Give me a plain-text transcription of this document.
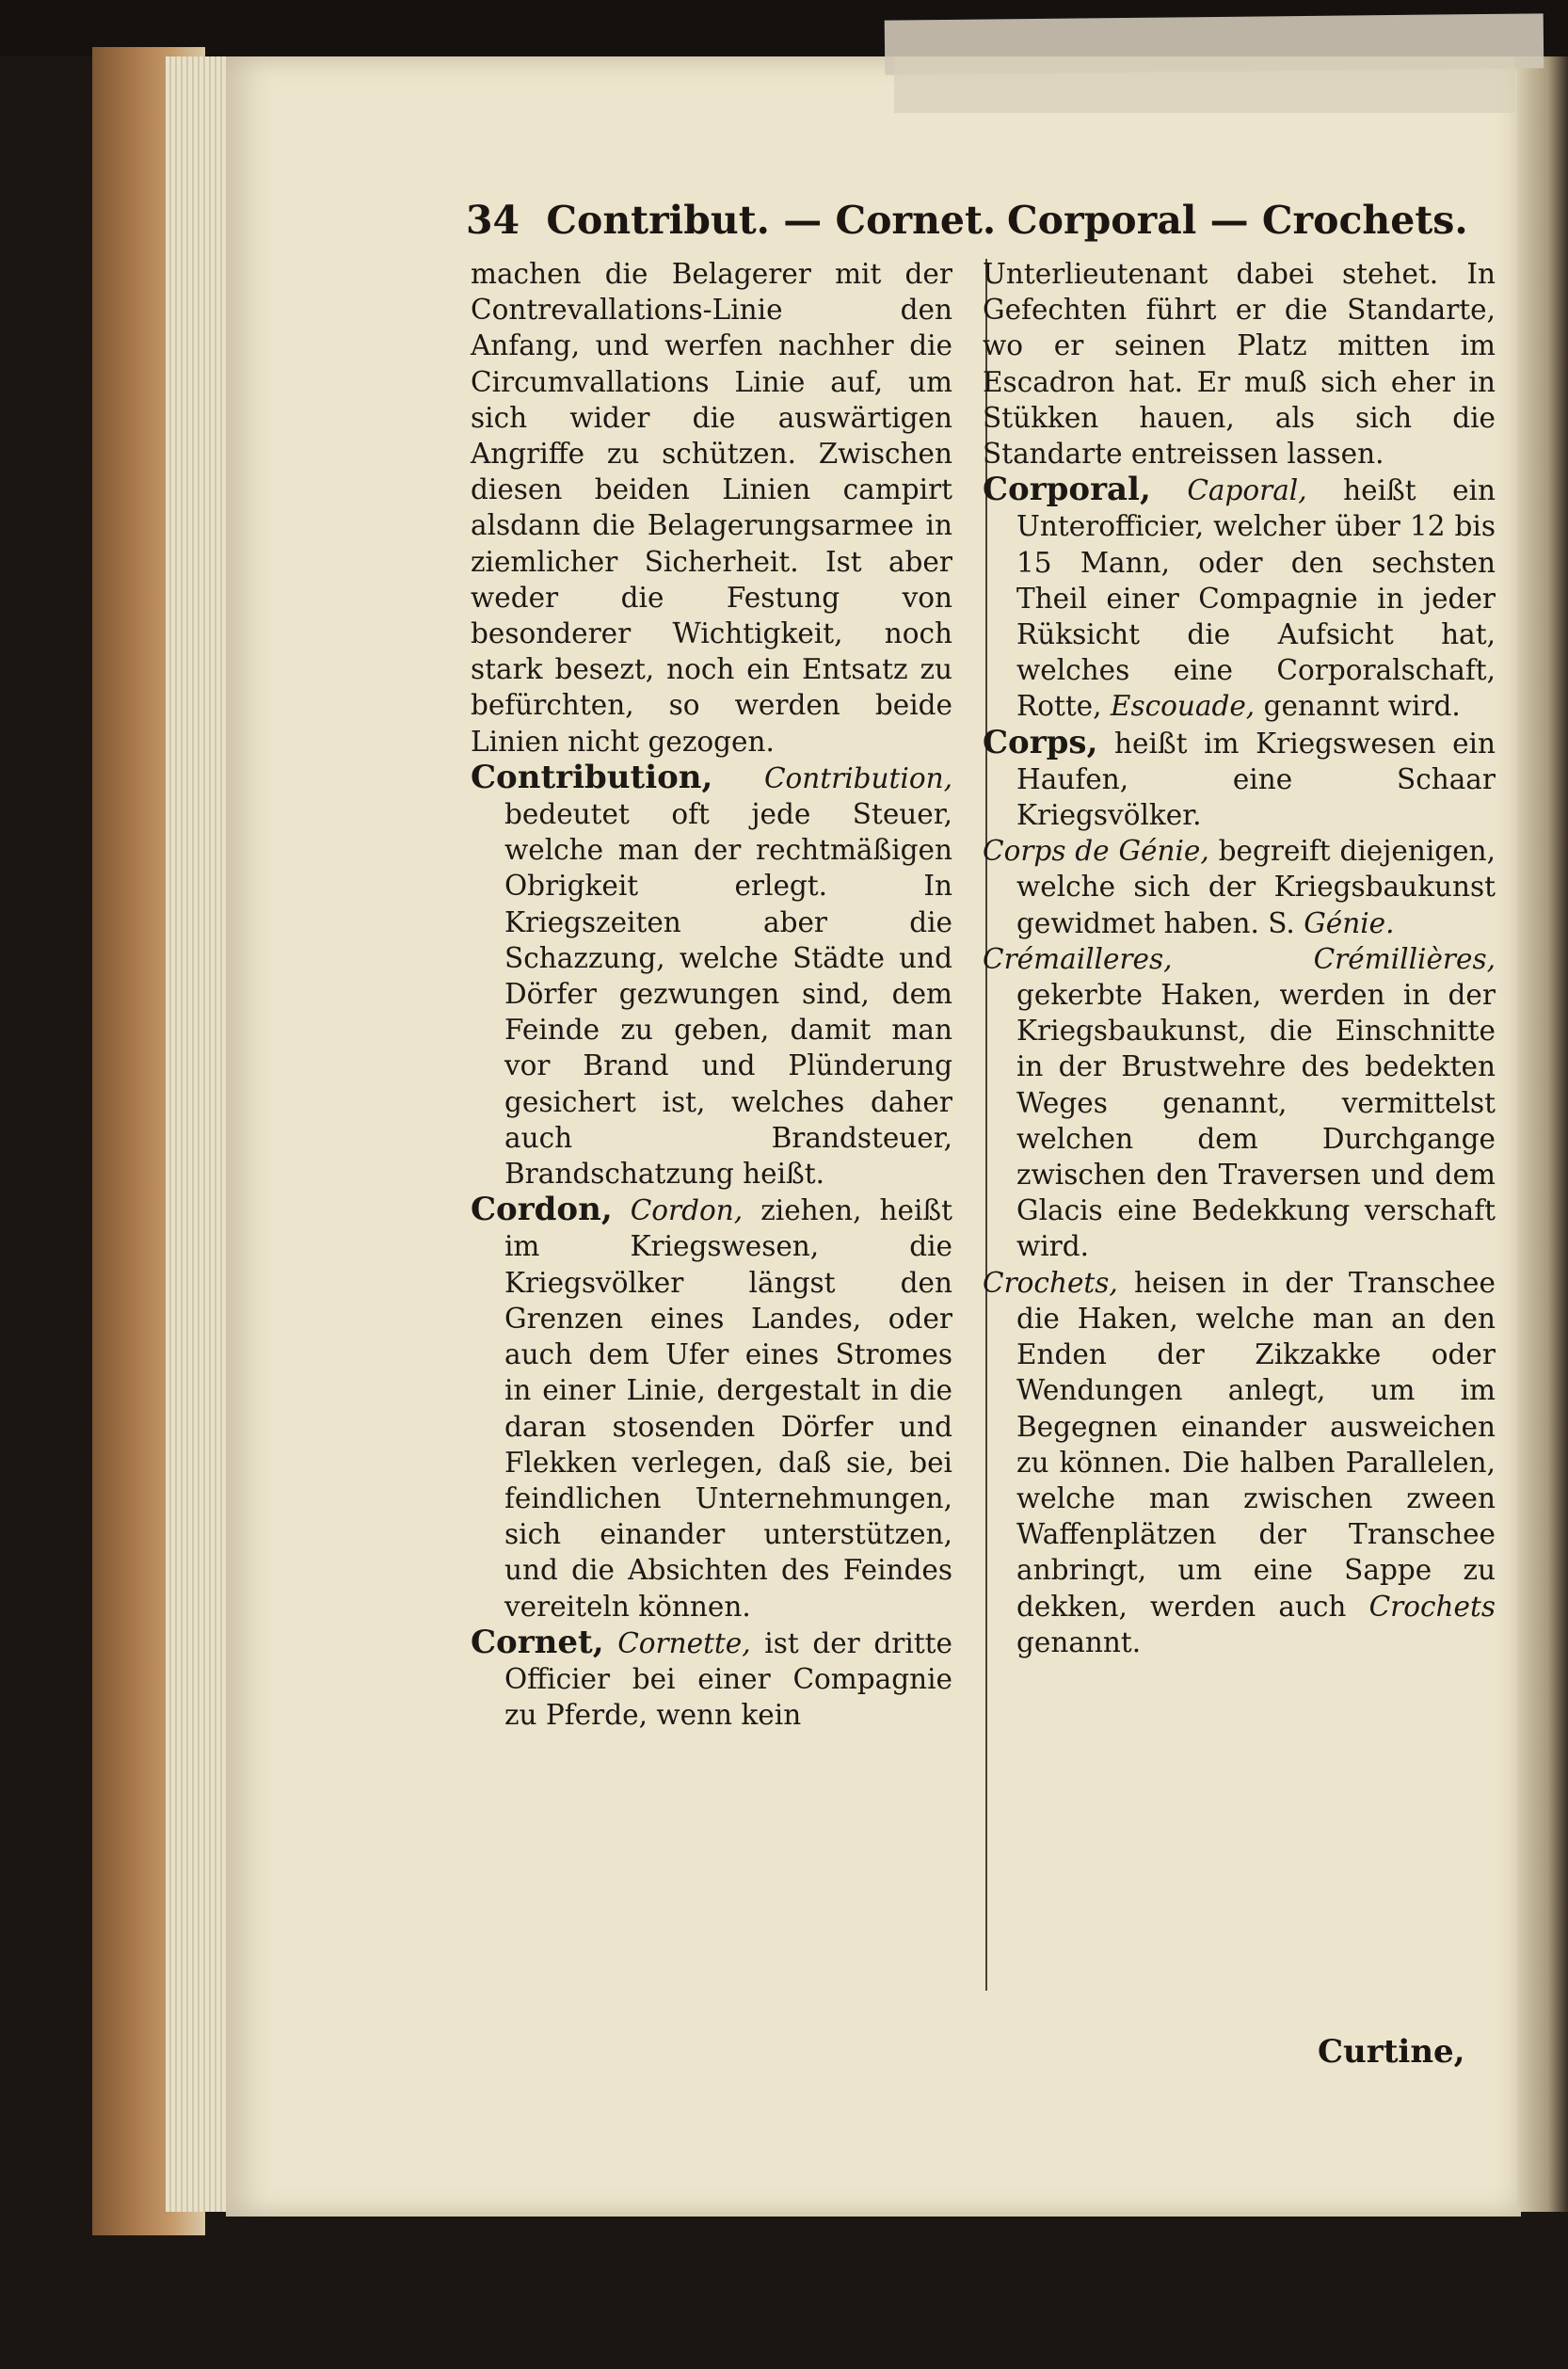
34 Contribut. — Cornet. Corporal — Crochets.

machen die Belagerer mit der Contrevallations-Linie den Anfang, und werfen nachher die Circumvallations Linie auf, um sich wider die auswärtigen Angriffe zu schützen. Zwischen diesen beiden Linien campirt alsdann die Belagerungsarmee in ziemlicher Sicherheit. Ist aber weder die Festung von besonderer Wichtigkeit, noch stark besezt, noch ein Entsatz zu befürchten, so werden beide Linien nicht gezogen.

Contribution, Contribution, bedeutet oft jede Steuer, welche man der rechtmäßigen Obrigkeit erlegt. In Kriegszeiten aber die Schazzung, welche Städte und Dörfer gezwungen sind, dem Feinde zu geben, damit man vor Brand und Plünderung gesichert ist, welches daher auch Brandsteuer, Brandschatzung heißt.

Cordon, Cordon, ziehen, heißt im Kriegswesen, die Kriegsvölker längst den Grenzen eines Landes, oder auch dem Ufer eines Stromes in einer Linie, dergestalt in die daran stosenden Dörfer und Flekken verlegen, daß sie, bei feindlichen Unternehmungen, sich einander unterstützen, und die Absichten des Feindes vereiteln können.

Cornet, Cornette, ist der dritte Officier bei einer Compagnie zu Pferde, wenn kein

Unterlieutenant dabei stehet. In Gefechten führt er die Standarte, wo er seinen Platz mitten im Escadron hat. Er muß sich eher in Stükken hauen, als sich die Standarte entreissen lassen.

Corporal, Caporal, heißt ein Unterofficier, welcher über 12 bis 15 Mann, oder den sechsten Theil einer Compagnie in jeder Rüksicht die Aufsicht hat, welches eine Corporalschaft, Rotte, Escouade, genannt wird.

Corps, heißt im Kriegswesen ein Haufen, eine Schaar Kriegsvölker.

Corps de Génie, begreift diejenigen, welche sich der Kriegsbaukunst gewidmet haben. S. Génie.

Crémailleres, Crémillières, gekerbte Haken, werden in der Kriegsbaukunst, die Einschnitte in der Brustwehre des bedekten Weges genannt, vermittelst welchen dem Durchgange zwischen den Traversen und dem Glacis eine Bedekkung verschaft wird.

Crochets, heisen in der Transchee die Haken, welche man an den Enden der Zikzakke oder Wendungen anlegt, um im Begegnen einander ausweichen zu können. Die halben Parallelen, welche man zwischen zween Waffenplätzen der Transchee anbringt, um eine Sappe zu dekken, werden auch Crochets genannt.

Curtine,
